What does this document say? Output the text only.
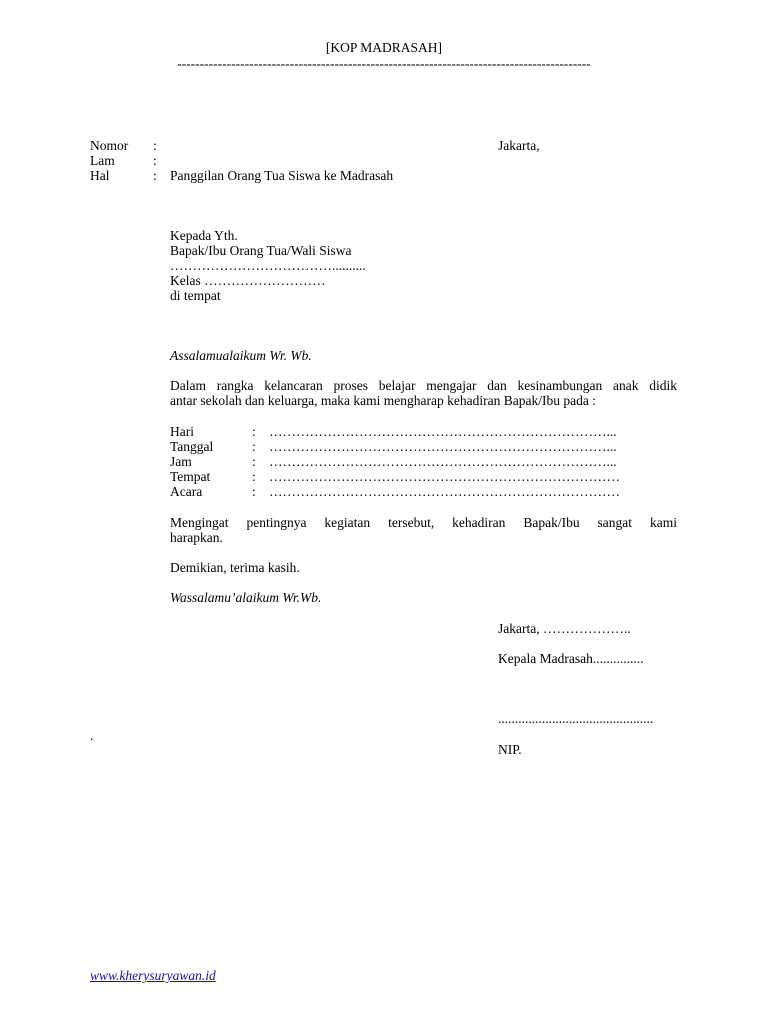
[KOP MADRASAH]
--------------------------------------------------------------------------------------------
Nomor :	Jakarta,
Lam	:
Hal	: Panggilan Orang Tua Siswa ke Madrasah
Kepada Yth.
Bapak/Ibu Orang Tua/Wali Siswa
………………………………..........
Kelas ………………………
di tempat
Assalamualaikum Wr. Wb.
Dalam rangka kelancaran proses belajar mengajar dan kesinambungan anak didik
antar sekolah dan keluarga, maka kami mengharap kehadiran Bapak/Ibu pada :
Hari	: …………………………………………………………………...
Tanggal	: …………………………………………………………………...
Jam	: …………………………………………………………………...
Tempat	: ……………………………………………………………………
Acara	: ……………………………………………………………………
Mengingat pentingnya kegiatan tersebut, kehadiran Bapak/Ibu sangat kami
harapkan.
Demikian, terima kasih.
Wassalamu’alaikum Wr.Wb.
Jakarta, ………………..
Kepala Madrasah...............
..............................................
.
NIP.
www.kherysuryawan.id
